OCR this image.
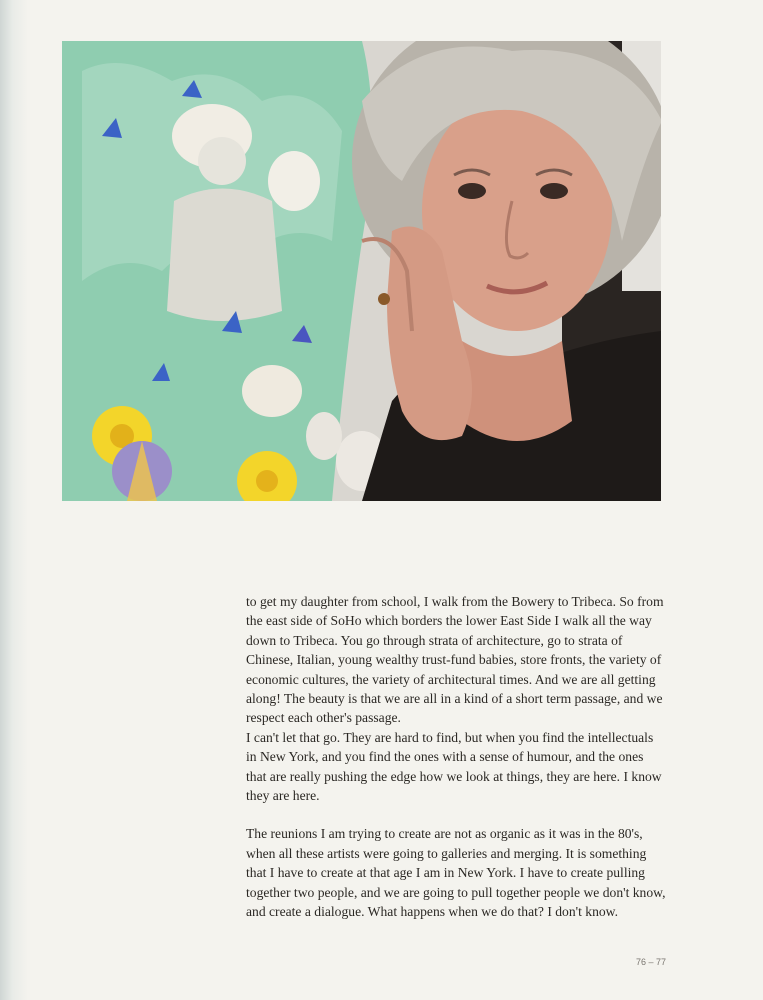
to get my daughter from school, I walk from the Bowery to Tribeca. So from the east side of SoHo which borders the lower East Side I walk all the way down to Tribeca. You go through strata of architecture, go to strata of Chinese, Italian, young wealthy trust-fund babies, store fronts, the variety of economic cultures, the variety of architectural times. And we are all getting along! The beauty is that we are all in a kind of a short term passage, and we respect each other's passage.

I can't let that go. They are hard to find, but when you find the intellectuals in New York, and you find the ones with a sense of humour, and the ones that are really pushing the edge how we look at things, they are here. I know they are here.

The reunions I am trying to create are not as organic as it was in the 80's, when all these artists were going to galleries and merging. It is something that I have to create at that age I am in New York. I have to create pulling together two people, and we are going to pull together people we don't know, and create a dialogue. What happens when we do that? I don't know.

76 – 77
